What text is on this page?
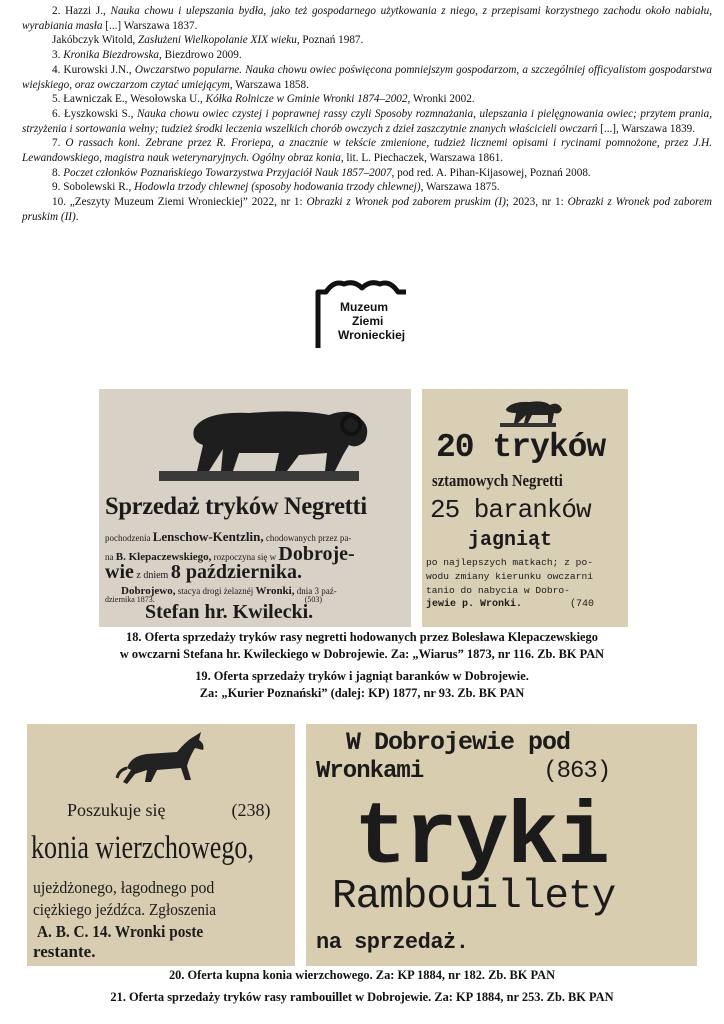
2. Hazzi J., Nauka chowu i ulepszania bydła, jako też gospodarnego użytkowania z niego, z przepisami korzystnego zachodu około nabiału, wyrabiania masła [...] Warszawa 1837.

Jakóbczyk Witold, Zasłużeni Wielkopolanie XIX wieku, Poznań 1987.

3. Kronika Biezdrowska, Biezdrowo 2009.

4. Kurowski J.N., Owczarstwo popularne. Nauka chowu owiec poświęcona pomniejszym gospodarzom, a szczególniej officyalistom gospodarstwa wiejskiego, oraz owczarzom czytać umiejącym, Warszawa 1858.

5. Ławniczak E., Wesołowska U., Kółka Rolnicze w Gminie Wronki 1874–2002, Wronki 2002.

6. Łyszkowski S., Nauka chowu owiec czystej i poprawnej rassy czyli Sposoby rozmnażania, ulepszania i pielęgnowania owiec; przytem prania, strzyżenia i sortowania wełny; tudzież środki leczenia wszelkich chorób owczych z dzieł zaszczytnie znanych właścicieli owczarń [...], Warszawa 1839.

7. O rassach koni. Zebrane przez R. Froriepa, a znacznie w tekście zmienione, tudzież licznemi opisami i rycinami pomnożone, przez J.H. Lewandowskiego, magistra nauk weterynaryjnych. Ogólny obraz konia, lit. L. Piechaczek, Warszawa 1861.

8. Poczet członków Poznańskiego Towarzystwa Przyjaciół Nauk 1857–2007, pod red. A. Pihan-Kijasowej, Poznań 2008.

9. Sobolewski R., Hodowla trzody chlewnej (sposoby hodowania trzody chlewnej), Warszawa 1875.

10. „Zeszyty Muzeum Ziemi Wronieckiej” 2022, nr 1: Obrazki z Wronek pod zaborem pruskim (I); 2023, nr 1: Obrazki z Wronek pod zaborem pruskim (II).

Muzeum
Ziemi
Wronieckiej
Sprzedaż tryków Negretti
pochodzenia Lenschow-Kentzlin, chodowanych przez pa-
na B. Klepaczewskiego, rozpoczyna się w Dobroje-
wie z dniem 8 października.
Dobrojewo, stacya drogi żelaznéj Wronki, dnia 3 paź-
dziernika 1873.	(503)
Stefan hr. Kwilecki.
20 tryków
sztamowych Negretti
25 baranków
jagniąt
po najlepszych matkach; z po-
wodu zmiany kierunku owczarni
tanio do nabycia w Dobro-
jewie p. Wronki.	(740
18. Oferta sprzedaży tryków rasy negretti hodowanych przez Bolesława Klepaczewskiego
w owczarni Stefana hr. Kwileckiego w Dobrojewie. Za: „Wiarus” 1873, nr 116. Zb. BK PAN
19. Oferta sprzedaży tryków i jagniąt baranków w Dobrojewie.
Za: „Kurier Poznański” (dalej: KP) 1877, nr 93. Zb. BK PAN
Poszukuje się	(238)
konia wierzchowego,
ujeżdżonego, łagodnego pod
ciężkiego jeźdźca. Zgłoszenia
A. B. C. 14. Wronki poste
restante.
W Dobrojewie pod
Wronkami	(863)
tryki
Rambouilletу
na sprzedaż.
20. Oferta kupna konia wierzchowego. Za: KP 1884, nr 182. Zb. BK PAN
21. Oferta sprzedaży tryków rasy rambouillet w Dobrojewie. Za: KP 1884, nr 253. Zb. BK PAN
